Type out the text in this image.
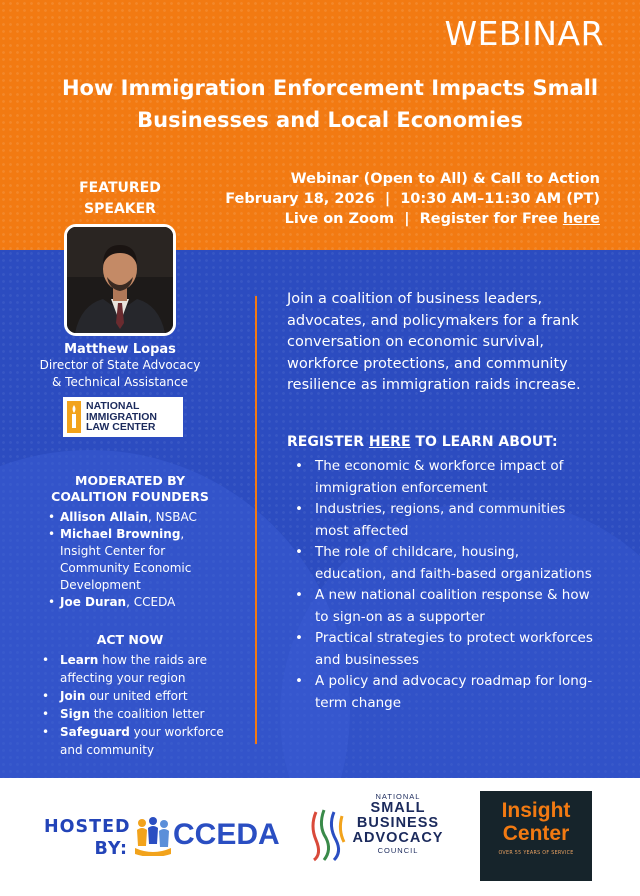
WEBINAR
How Immigration Enforcement Impacts Small Businesses and Local Economies
Webinar (Open to All) & Call to Action
February 18, 2026  |  10:30 AM–11:30 AM (PT)
Live on Zoom  |  Register for Free here
FEATURED
SPEAKER
Matthew Lopas
Director of State Advocacy
& Technical Assistance
NATIONAL
IMMIGRATION
LAW CENTER
MODERATED BY
COALITION FOUNDERS
• Allison Allain, NSBAC
• Michael Browning, Insight Center for Community Economic Development
• Joe Duran, CCEDA
ACT NOW
• Learn how the raids are affecting your region
• Join our united effort
• Sign the coalition letter
• Safeguard your workforce and community
Join a coalition of business leaders, advocates, and policymakers for a frank conversation on economic survival, workforce protections, and community resilience as immigration raids increase.
REGISTER HERE TO LEARN ABOUT:
• The economic & workforce impact of immigration enforcement
• Industries, regions, and communities most affected
• The role of childcare, housing, education, and faith-based organizations
• A new national coalition response & how to sign-on as a supporter
• Practical strategies to protect workforces and businesses
• A policy and advocacy roadmap for long-term change
HOSTED
BY: CCEDA
NATIONAL
SMALL
BUSINESS
ADVOCACY
COUNCIL
Insight
Center
OVER 55 YEARS OF SERVICE
